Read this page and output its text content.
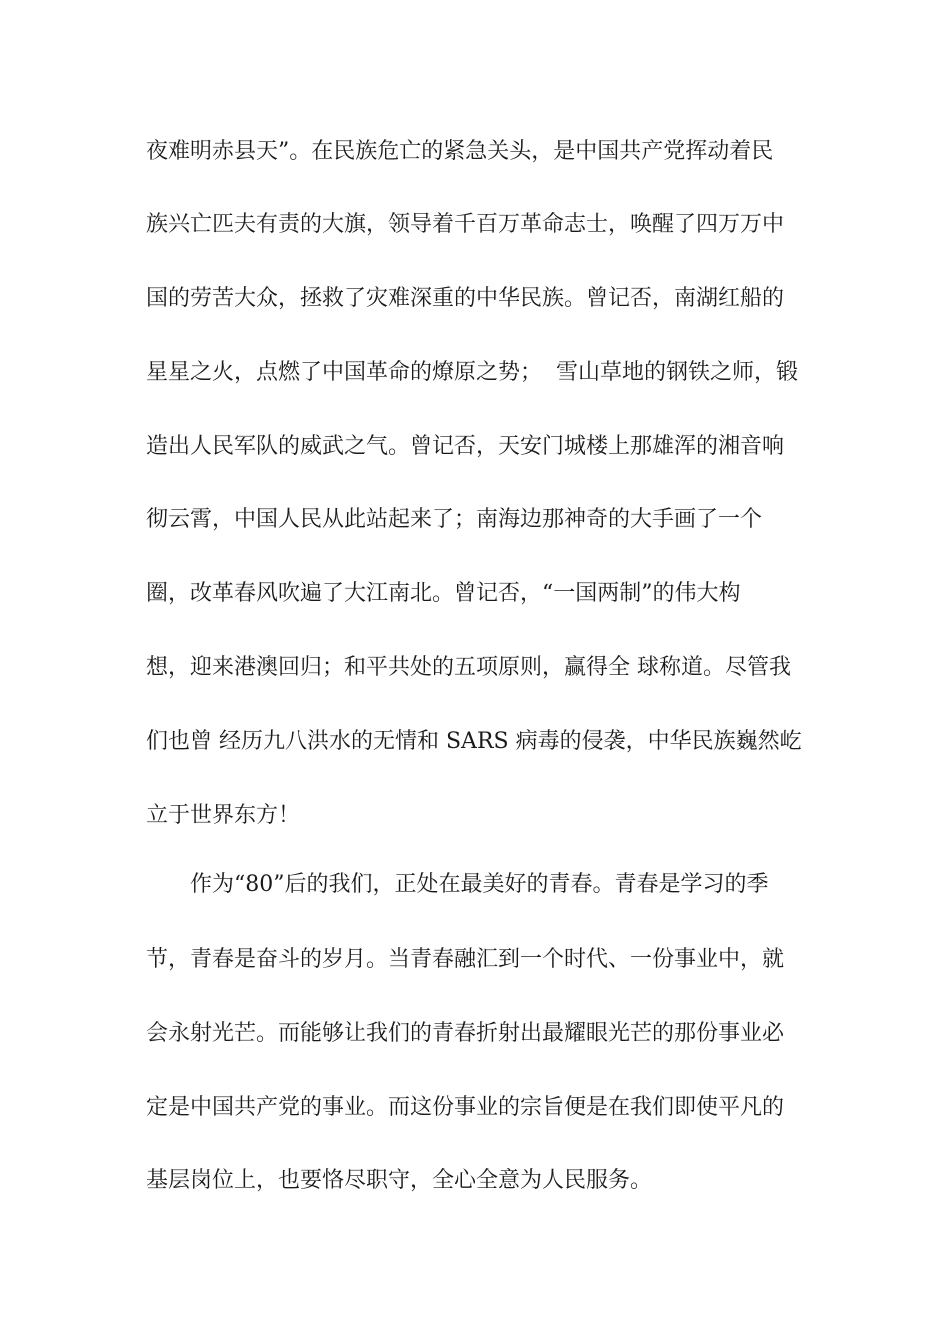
夜难明赤县天”。在民族危亡的紧急关头，是中国共产党挥动着民
族兴亡匹夫有责的大旗，领导着千百万革命志士，唤醒了四万万中
国的劳苦大众，拯救了灾难深重的中华民族。曾记否，南湖红船的
星星之火，点燃了中国革命的燎原之势；  雪山草地的钢铁之师，锻
造出人民军队的威武之气。曾记否，天安门城楼上那雄浑的湘音响
彻云霄，中国人民从此站起来了；南海边那神奇的大手画了一个
圈，改革春风吹遍了大江南北。曾记否，“一国两制”的伟大构
想，迎来港澳回归；和平共处的五项原则，赢得全 球称道。尽管我
们也曾 经历九八洪水的无情和 SARS 病毒的侵袭，中华民族巍然屹
立于世界东方！
作为“80”后的我们，正处在最美好的青春。青春是学习的季
节，青春是奋斗的岁月。当青春融汇到一个时代、一份事业中，就
会永射光芒。而能够让我们的青春折射出最耀眼光芒的那份事业必
定是中国共产党的事业。而这份事业的宗旨便是在我们即使平凡的
基层岗位上，也要恪尽职守，全心全意为人民服务。
